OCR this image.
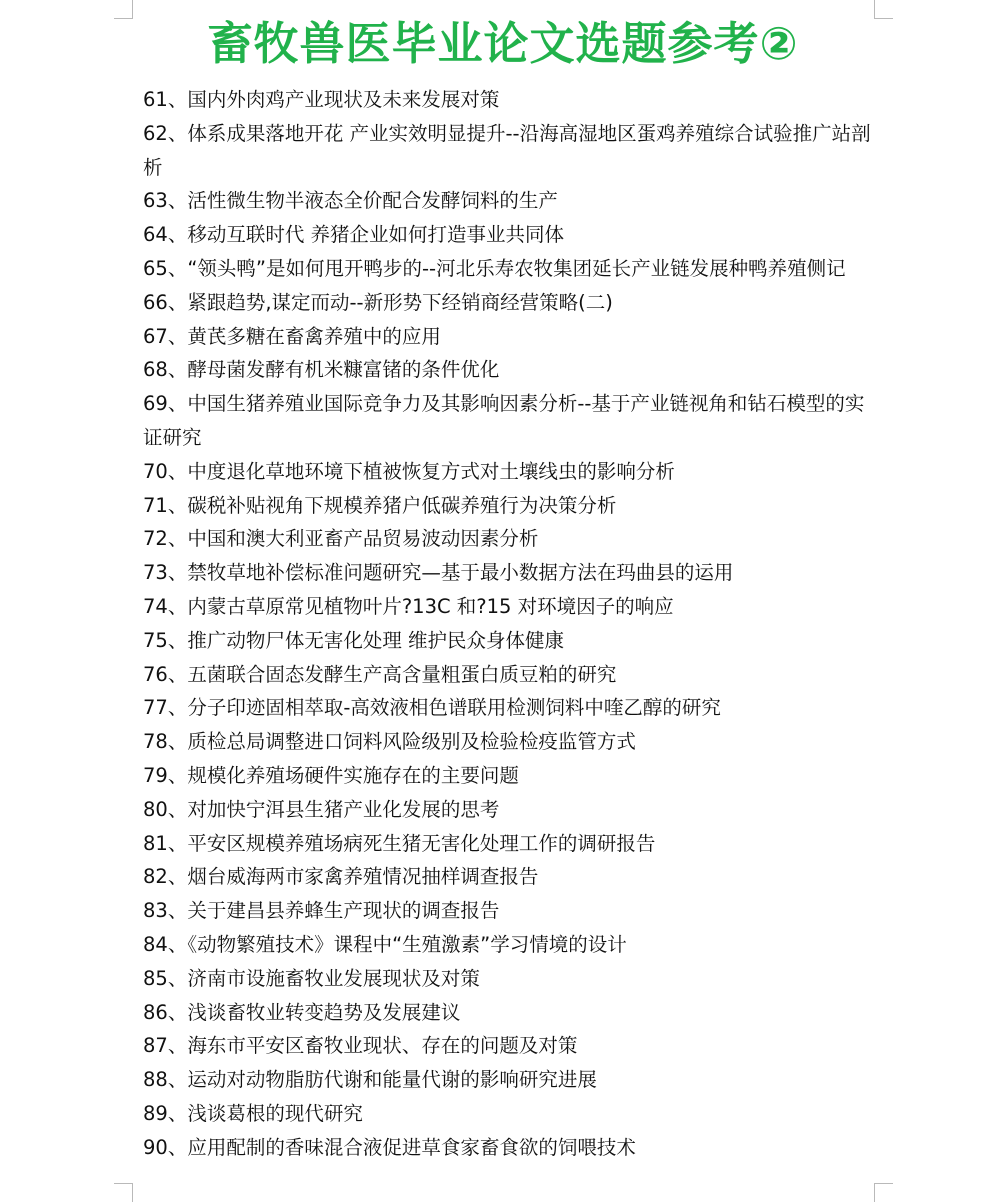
畜牧兽医毕业论文选题参考②
61、国内外肉鸡产业现状及未来发展对策
62、体系成果落地开花 产业实效明显提升--沿海高湿地区蛋鸡养殖综合试验推广站剖析
63、活性微生物半液态全价配合发酵饲料的生产
64、移动互联时代 养猪企业如何打造事业共同体
65、“领头鸭”是如何甩开鸭步的--河北乐寿农牧集团延长产业链发展种鸭养殖侧记
66、紧跟趋势,谋定而动--新形势下经销商经营策略(二)
67、黄芪多糖在畜禽养殖中的应用
68、酵母菌发酵有机米糠富锗的条件优化
69、中国生猪养殖业国际竞争力及其影响因素分析--基于产业链视角和钻石模型的实证研究
70、中度退化草地环境下植被恢复方式对土壤线虫的影响分析
71、碳税补贴视角下规模养猪户低碳养殖行为决策分析
72、中国和澳大利亚畜产品贸易波动因素分析
73、禁牧草地补偿标准问题研究—基于最小数据方法在玛曲县的运用
74、内蒙古草原常见植物叶片?13C 和?15 对环境因子的响应
75、推广动物尸体无害化处理 维护民众身体健康
76、五菌联合固态发酵生产高含量粗蛋白质豆粕的研究
77、分子印迹固相萃取-高效液相色谱联用检测饲料中喹乙醇的研究
78、质检总局调整进口饲料风险级别及检验检疫监管方式
79、规模化养殖场硬件实施存在的主要问题
80、对加快宁洱县生猪产业化发展的思考
81、平安区规模养殖场病死生猪无害化处理工作的调研报告
82、烟台威海两市家禽养殖情况抽样调查报告
83、关于建昌县养蜂生产现状的调查报告
84、《动物繁殖技术》课程中“生殖激素”学习情境的设计
85、济南市设施畜牧业发展现状及对策
86、浅谈畜牧业转变趋势及发展建议
87、海东市平安区畜牧业现状、存在的问题及对策
88、运动对动物脂肪代谢和能量代谢的影响研究进展
89、浅谈葛根的现代研究
90、应用配制的香味混合液促进草食家畜食欲的饲喂技术
